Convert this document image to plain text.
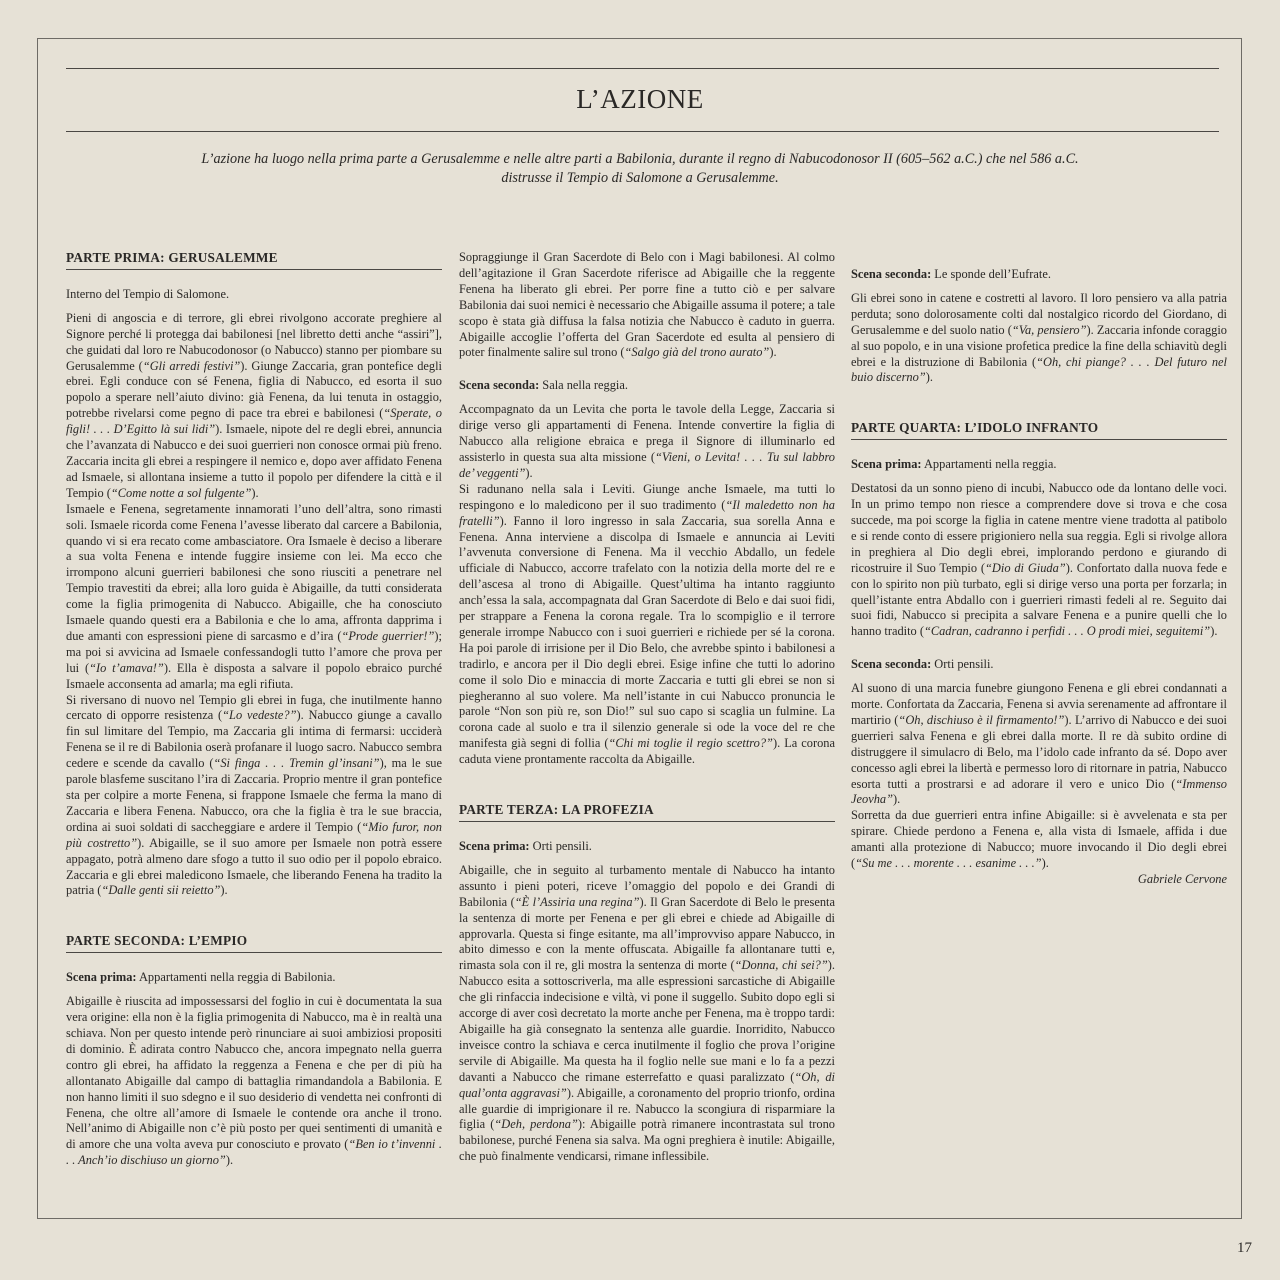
L’AZIONE

L’azione ha luogo nella prima parte a Gerusalemme e nelle altre parti a Babilonia, durante il regno di Nabucodonosor II (605–562 a.C.) che nel 586 a.C. distrusse il Tempio di Salomone a Gerusalemme.

PARTE PRIMA: GERUSALEMME

Interno del Tempio di Salomone.

Pieni di angoscia e di terrore, gli ebrei rivolgono accorate preghiere al Signore perché li protegga dai babilonesi [nel libretto detti anche “assiri”], che guidati dal loro re Nabucodonosor (o Nabucco) stanno per piombare su Gerusalemme (“Gli arredi festivi”). Giunge Zaccaria, gran pontefice degli ebrei. Egli conduce con sé Fenena, figlia di Nabucco, ed esorta il suo popolo a sperare nell’aiuto divino: già Fenena, da lui tenuta in ostaggio, potrebbe rivelarsi come pegno di pace tra ebrei e babilonesi (“Sperate, o figli! . . . D’Egitto là sui lidi”). Ismaele, nipote del re degli ebrei, annuncia che l’avanzata di Nabucco e dei suoi guerrieri non conosce ormai più freno. Zaccaria incita gli ebrei a respingere il nemico e, dopo aver affidato Fenena ad Ismaele, si allontana insieme a tutto il popolo per difendere la città e il Tempio (“Come notte a sol fulgente”).

Ismaele e Fenena, segretamente innamorati l’uno dell’altra, sono rimasti soli. Ismaele ricorda come Fenena l’avesse liberato dal carcere a Babilonia, quando vi si era recato come ambasciatore. Ora Ismaele è deciso a liberare a sua volta Fenena e intende fuggire insieme con lei. Ma ecco che irrompono alcuni guerrieri babilonesi che sono riusciti a penetrare nel Tempio travestiti da ebrei; alla loro guida è Abigaille, da tutti considerata come la figlia primogenita di Nabucco. Abigaille, che ha conosciuto Ismaele quando questi era a Babilonia e che lo ama, affronta dapprima i due amanti con espressioni piene di sarcasmo e d’ira (“Prode guerrier!”); ma poi si avvicina ad Ismaele confessandogli tutto l’amore che prova per lui (“Io t’amava!”). Ella è disposta a salvare il popolo ebraico purché Ismaele acconsenta ad amarla; ma egli rifiuta.

Si riversano di nuovo nel Tempio gli ebrei in fuga, che inutilmente hanno cercato di opporre resistenza (“Lo vedeste?”). Nabucco giunge a cavallo fin sul limitare del Tempio, ma Zaccaria gli intima di fermarsi: ucciderà Fenena se il re di Babilonia oserà profanare il luogo sacro. Nabucco sembra cedere e scende da cavallo (“Si finga . . . Tremin gl’insani”), ma le sue parole blasfeme suscitano l’ira di Zaccaria. Proprio mentre il gran pontefice sta per colpire a morte Fenena, si frappone Ismaele che ferma la mano di Zaccaria e libera Fenena. Nabucco, ora che la figlia è tra le sue braccia, ordina ai suoi soldati di saccheggiare e ardere il Tempio (“Mio furor, non più costretto”). Abigaille, se il suo amore per Ismaele non potrà essere appagato, potrà almeno dare sfogo a tutto il suo odio per il popolo ebraico. Zaccaria e gli ebrei maledicono Ismaele, che liberando Fenena ha tradito la patria (“Dalle genti sii reietto”).

PARTE SECONDA: L’EMPIO

Scena prima: Appartamenti nella reggia di Babilonia.

Abigaille è riuscita ad impossessarsi del foglio in cui è documentata la sua vera origine: ella non è la figlia primogenita di Nabucco, ma è in realtà una schiava. Non per questo intende però rinunciare ai suoi ambiziosi propositi di dominio. È adirata contro Nabucco che, ancora impegnato nella guerra contro gli ebrei, ha affidato la reggenza a Fenena e che per di più ha allontanato Abigaille dal campo di battaglia rimandandola a Babilonia. E non hanno limiti il suo sdegno e il suo desiderio di vendetta nei confronti di Fenena, che oltre all’amore di Ismaele le contende ora anche il trono. Nell’animo di Abigaille non c’è più posto per quei sentimenti di umanità e di amore che una volta aveva pur conosciuto e provato (“Ben io t’invenni . . . Anch’io dischiuso un giorno”).

Sopraggiunge il Gran Sacerdote di Belo con i Magi babilonesi. Al colmo dell’agitazione il Gran Sacerdote riferisce ad Abigaille che la reggente Fenena ha liberato gli ebrei. Per porre fine a tutto ciò e per salvare Babilonia dai suoi nemici è necessario che Abigaille assuma il potere; a tale scopo è stata già diffusa la falsa notizia che Nabucco è caduto in guerra. Abigaille accoglie l’offerta del Gran Sacerdote ed esulta al pensiero di poter finalmente salire sul trono (“Salgo già del trono aurato”).

Scena seconda: Sala nella reggia.

Accompagnato da un Levita che porta le tavole della Legge, Zaccaria si dirige verso gli appartamenti di Fenena. Intende convertire la figlia di Nabucco alla religione ebraica e prega il Signore di illuminarlo ed assisterlo in questa sua alta missione (“Vieni, o Levita! . . . Tu sul labbro de’ veggenti”).

Si radunano nella sala i Leviti. Giunge anche Ismaele, ma tutti lo respingono e lo maledicono per il suo tradimento (“Il maledetto non ha fratelli”). Fanno il loro ingresso in sala Zaccaria, sua sorella Anna e Fenena. Anna interviene a discolpa di Ismaele e annuncia ai Leviti l’avvenuta conversione di Fenena. Ma il vecchio Abdallo, un fedele ufficiale di Nabucco, accorre trafelato con la notizia della morte del re e dell’ascesa al trono di Abigaille. Quest’ultima ha intanto raggiunto anch’essa la sala, accompagnata dal Gran Sacerdote di Belo e dai suoi fidi, per strappare a Fenena la corona regale. Tra lo scompiglio e il terrore generale irrompe Nabucco con i suoi guerrieri e richiede per sé la corona. Ha poi parole di irrisione per il Dio Belo, che avrebbe spinto i babilonesi a tradirlo, e ancora per il Dio degli ebrei. Esige infine che tutti lo adorino come il solo Dio e minaccia di morte Zaccaria e tutti gli ebrei se non si piegheranno al suo volere. Ma nell’istante in cui Nabucco pronuncia le parole “Non son più re, son Dio!” sul suo capo si scaglia un fulmine. La corona cade al suolo e tra il silenzio generale si ode la voce del re che manifesta già segni di follia (“Chi mi toglie il regio scettro?”). La corona caduta viene prontamente raccolta da Abigaille.

PARTE TERZA: LA PROFEZIA

Scena prima: Orti pensili.

Abigaille, che in seguito al turbamento mentale di Nabucco ha intanto assunto i pieni poteri, riceve l’omaggio del popolo e dei Grandi di Babilonia (“È l’Assiria una regina”). Il Gran Sacerdote di Belo le presenta la sentenza di morte per Fenena e per gli ebrei e chiede ad Abigaille di approvarla. Questa si finge esitante, ma all’improvviso appare Nabucco, in abito dimesso e con la mente offuscata. Abigaille fa allontanare tutti e, rimasta sola con il re, gli mostra la sentenza di morte (“Donna, chi sei?”). Nabucco esita a sottoscriverla, ma alle espressioni sarcastiche di Abigaille che gli rinfaccia indecisione e viltà, vi pone il suggello. Subito dopo egli si accorge di aver così decretato la morte anche per Fenena, ma è troppo tardi: Abigaille ha già consegnato la sentenza alle guardie. Inorridito, Nabucco inveisce contro la schiava e cerca inutilmente il foglio che prova l’origine servile di Abigaille. Ma questa ha il foglio nelle sue mani e lo fa a pezzi davanti a Nabucco che rimane esterrefatto e quasi paralizzato (“Oh, di qual’onta aggravasi”). Abigaille, a coronamento del proprio trionfo, ordina alle guardie di imprigionare il re. Nabucco la scongiura di risparmiare la figlia (“Deh, perdona”): Abigaille potrà rimanere incontrastata sul trono babilonese, purché Fenena sia salva. Ma ogni preghiera è inutile: Abigaille, che può finalmente vendicarsi, rimane inflessibile.

Scena seconda: Le sponde dell’Eufrate.

Gli ebrei sono in catene e costretti al lavoro. Il loro pensiero va alla patria perduta; sono dolorosamente colti dal nostalgico ricordo del Giordano, di Gerusalemme e del suolo natio (“Va, pensiero”). Zaccaria infonde coraggio al suo popolo, e in una visione profetica predice la fine della schiavitù degli ebrei e la distruzione di Babilonia (“Oh, chi piange? . . . Del futuro nel buio discerno”).

PARTE QUARTA: L’IDOLO INFRANTO

Scena prima: Appartamenti nella reggia.

Destatosi da un sonno pieno di incubi, Nabucco ode da lontano delle voci. In un primo tempo non riesce a comprendere dove si trova e che cosa succede, ma poi scorge la figlia in catene mentre viene tradotta al patibolo e si rende conto di essere prigioniero nella sua reggia. Egli si rivolge allora in preghiera al Dio degli ebrei, implorando perdono e giurando di ricostruire il Suo Tempio (“Dio di Giuda”). Confortato dalla nuova fede e con lo spirito non più turbato, egli si dirige verso una porta per forzarla; in quell’istante entra Abdallo con i guerrieri rimasti fedeli al re. Seguito dai suoi fidi, Nabucco si precipita a salvare Fenena e a punire quelli che lo hanno tradito (“Cadran, cadranno i perfidi . . . O prodi miei, seguitemi”).

Scena seconda: Orti pensili.

Al suono di una marcia funebre giungono Fenena e gli ebrei condannati a morte. Confortata da Zaccaria, Fenena si avvia serenamente ad affrontare il martirio (“Oh, dischiuso è il firmamento!”). L’arrivo di Nabucco e dei suoi guerrieri salva Fenena e gli ebrei dalla morte. Il re dà subito ordine di distruggere il simulacro di Belo, ma l’idolo cade infranto da sé. Dopo aver concesso agli ebrei la libertà e permesso loro di ritornare in patria, Nabucco esorta tutti a prostrarsi e ad adorare il vero e unico Dio (“Immenso Jeovha”).

Sorretta da due guerrieri entra infine Abigaille: si è avvelenata e sta per spirare. Chiede perdono a Fenena e, alla vista di Ismaele, affida i due amanti alla protezione di Nabucco; muore invocando il Dio degli ebrei (“Su me . . . morente . . . esanime . . .”).

Gabriele Cervone

17
